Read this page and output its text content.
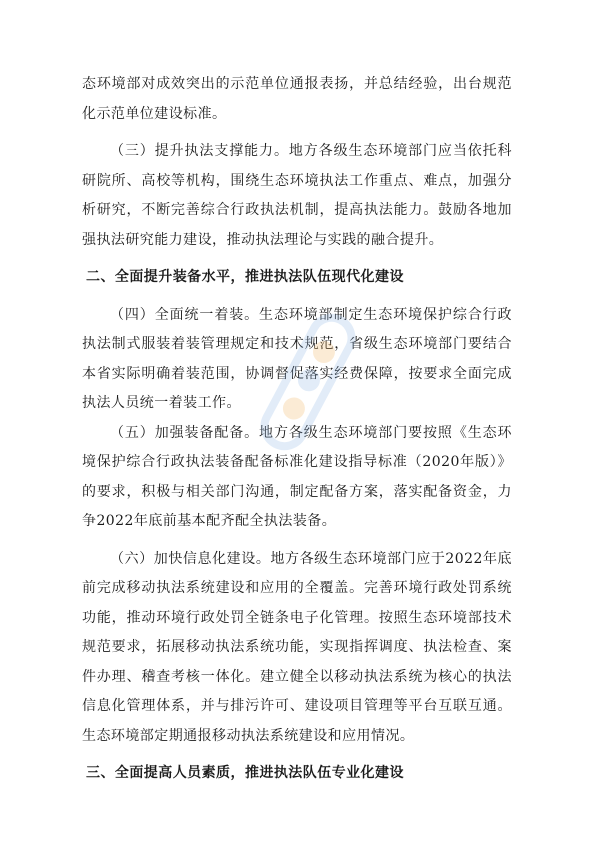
态环境部对成效突出的示范单位通报表扬，并总结经验，出台规范化示范单位建设标准。

（三）提升执法支撑能力。地方各级生态环境部门应当依托科研院所、高校等机构，围绕生态环境执法工作重点、难点，加强分析研究，不断完善综合行政执法机制，提高执法能力。鼓励各地加强执法研究能力建设，推动执法理论与实践的融合提升。

二、全面提升装备水平，推进执法队伍现代化建设

（四）全面统一着装。生态环境部制定生态环境保护综合行政执法制式服装着装管理规定和技术规范，省级生态环境部门要结合本省实际明确着装范围，协调督促落实经费保障，按要求全面完成执法人员统一着装工作。

（五）加强装备配备。地方各级生态环境部门要按照《生态环境保护综合行政执法装备配备标准化建设指导标准（2020年版）》的要求，积极与相关部门沟通，制定配备方案，落实配备资金，力争2022年底前基本配齐配全执法装备。

（六）加快信息化建设。地方各级生态环境部门应于2022年底前完成移动执法系统建设和应用的全覆盖。完善环境行政处罚系统功能，推动环境行政处罚全链条电子化管理。按照生态环境部技术规范要求，拓展移动执法系统功能，实现指挥调度、执法检查、案件办理、稽查考核一体化。建立健全以移动执法系统为核心的执法信息化管理体系，并与排污许可、建设项目管理等平台互联互通。生态环境部定期通报移动执法系统建设和应用情况。

三、全面提高人员素质，推进执法队伍专业化建设
